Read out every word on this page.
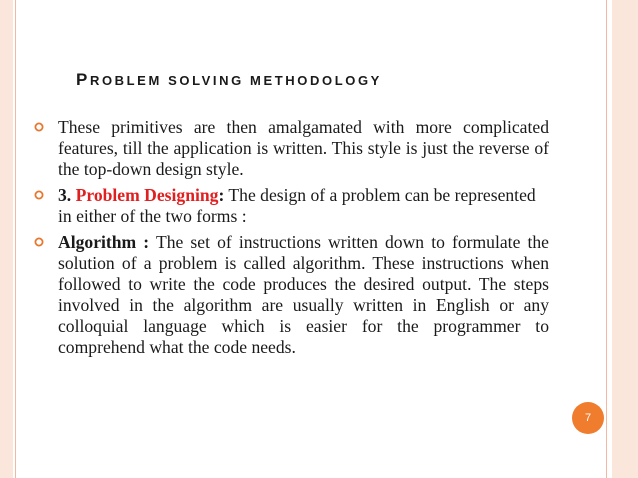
PROBLEM SOLVING METHODOLOGY
These primitives are then amalgamated with more complicated features, till the application is written. This style is just the reverse of the top-down design style.
3. Problem Designing: The design of a problem can be represented in either of the two forms :
Algorithm : The set of instructions written down to formulate the solution of a problem is called algorithm. These instructions when followed to write the code produces the desired output. The steps involved in the algorithm are usually written in English or any colloquial language which is easier for the programmer to comprehend what the code needs.
7
